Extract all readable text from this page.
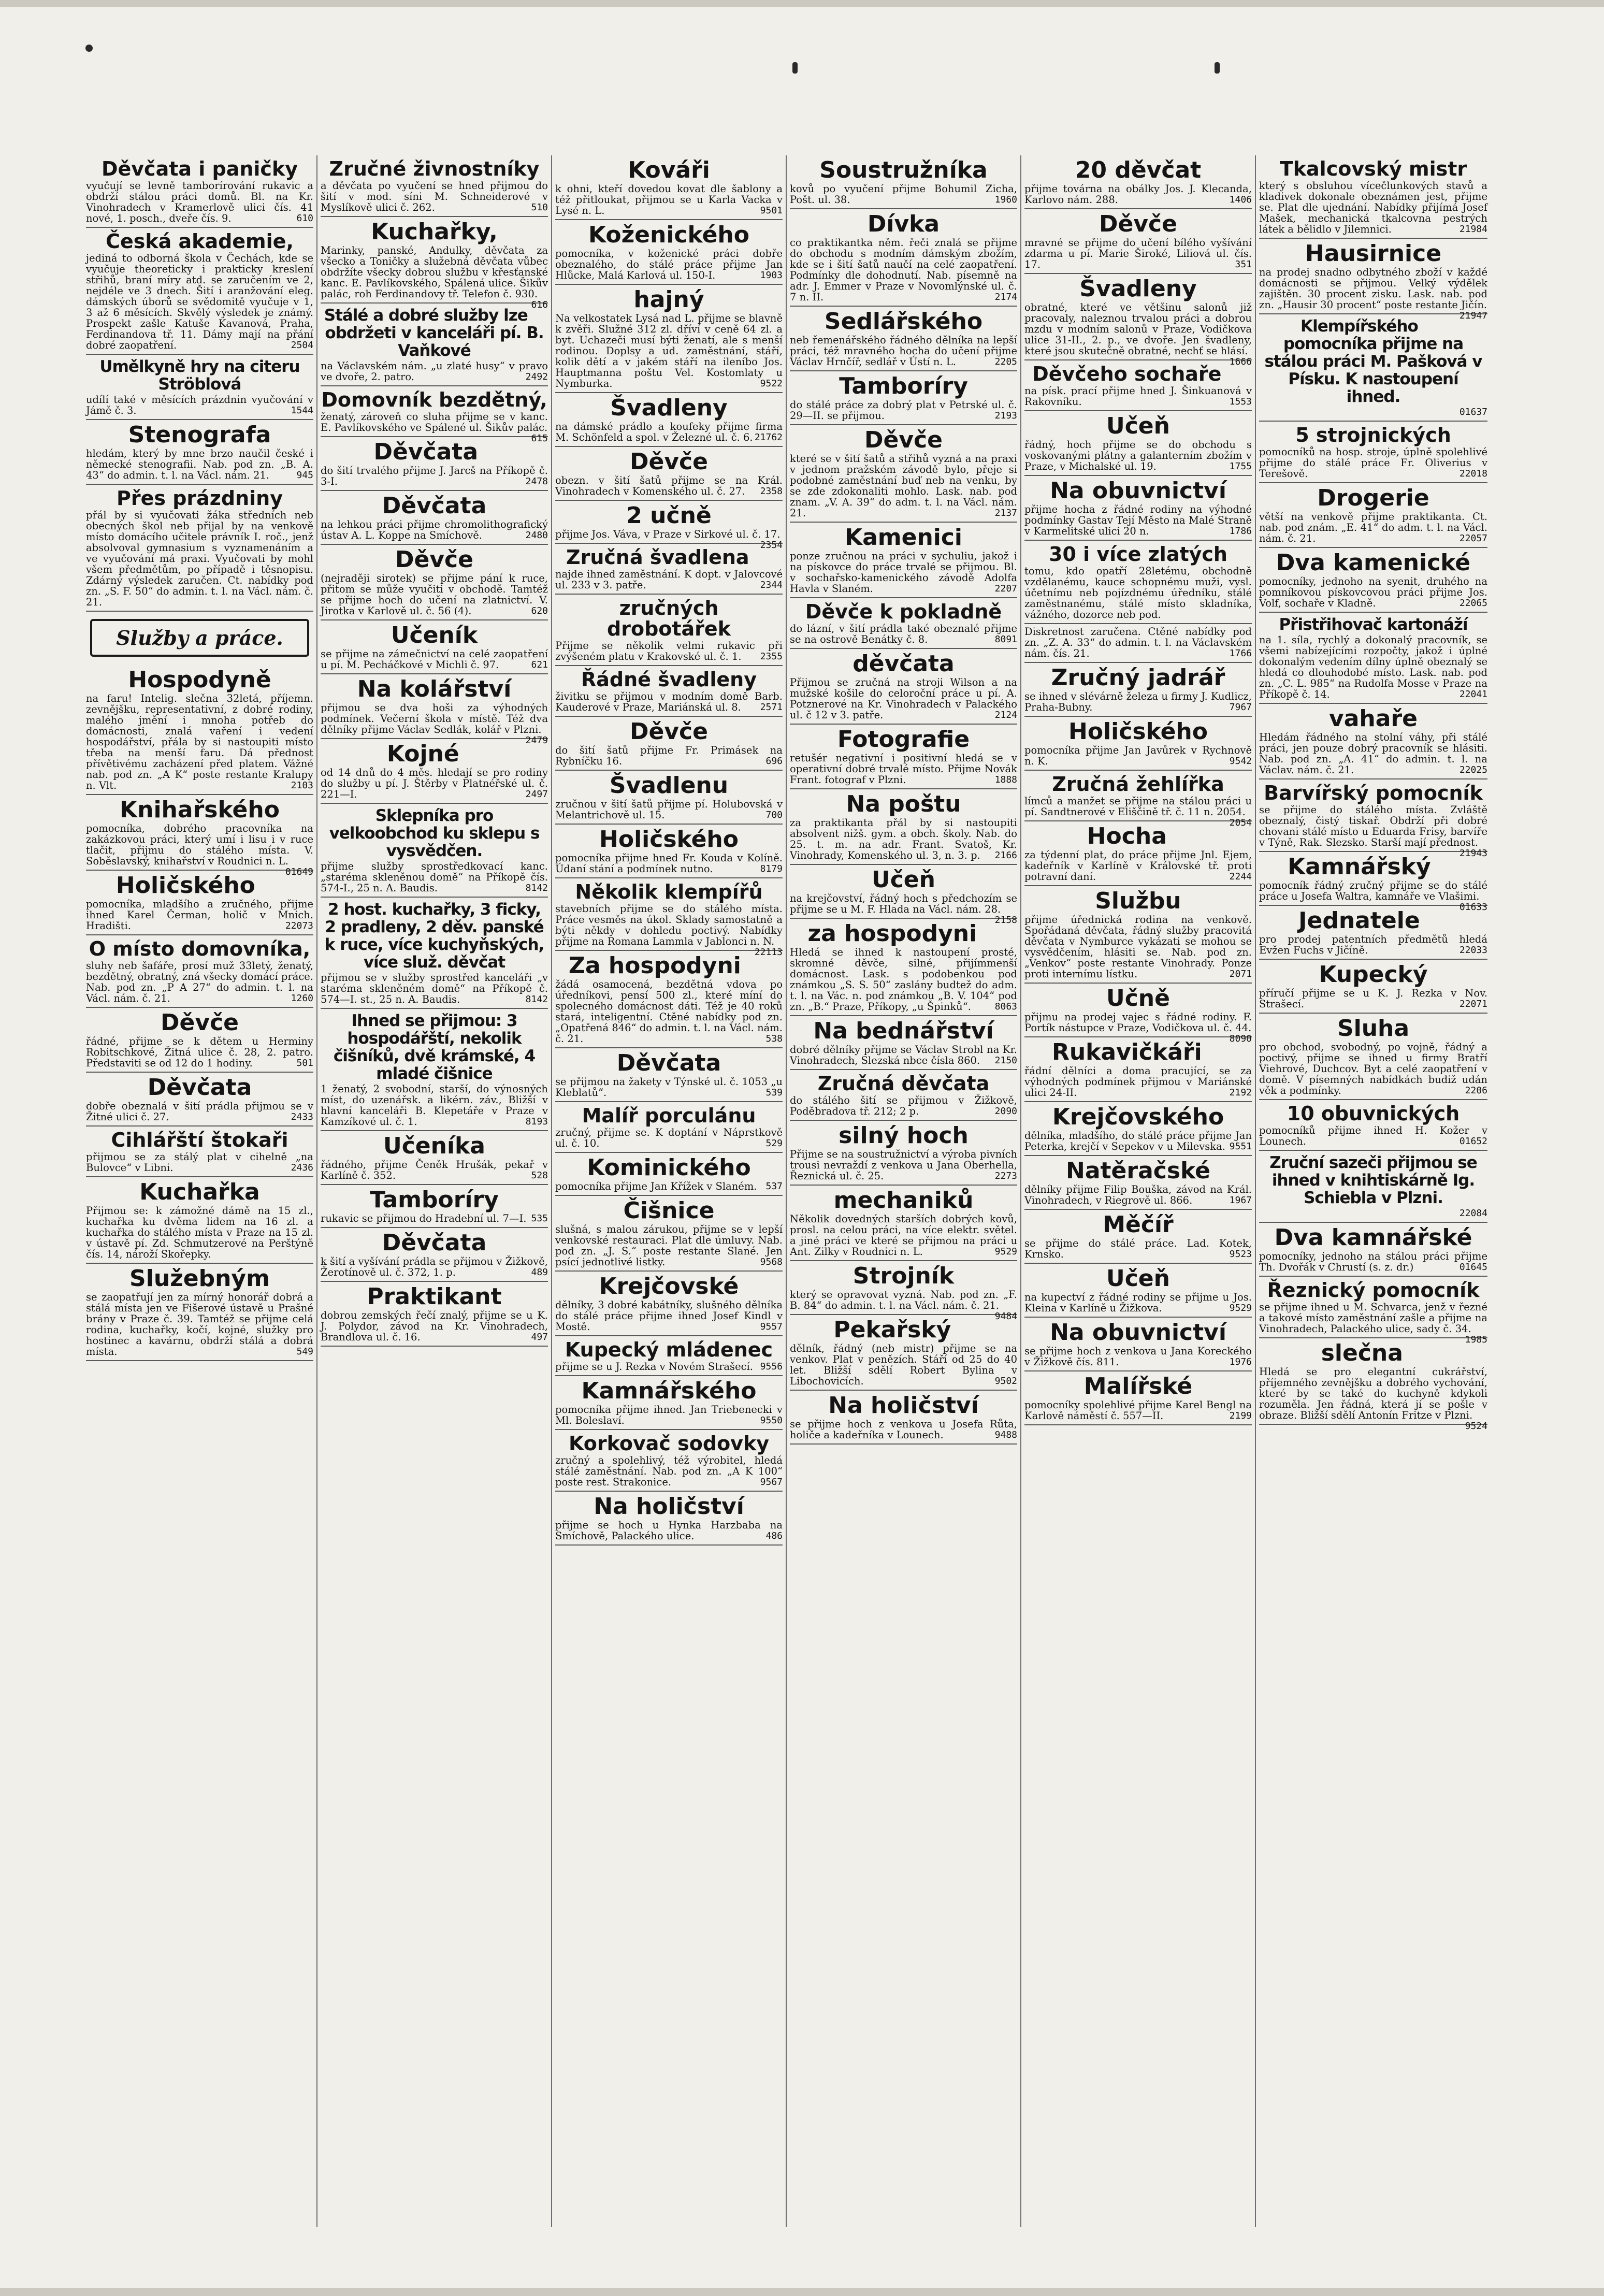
Děvčata i paničky
vyučují se levně tamborírování rukavic a obdrží stálou práci domů. Bl. na Kr. Vinohradech v Kramerlově ulici čís. 41 nové, 1. posch., dveře čís. 9.	610
Česká akademie,
jediná to odborná škola v Čechách, kde se vyučuje theoreticky i prakticky kreslení střihů, braní míry atd. se zaručením ve 2, nejdéle ve 3 dnech. Šití i aranžování eleg. dámských úborů se svědomitě vyučuje v 1, 3 až 6 měsících. Skvělý výsledek je známý. Prospekt zašle Katuše Kavanová, Praha, Ferdinandova tř. 11. Dámy mají na přání dobré zaopatření.	2504
Umělkyně hry na citeru Ströblová
udílí také v měsících prázdnin vyučování v Jámě č. 3.	1544
Stenografa
hledám, který by mne brzo naučil české i německé stenografii. Nab. pod zn. „B. A. 43“ do admin. t. l. na Václ. nám. 21.	945
Přes prázdniny
přál by si vyučovati žáka středních neb obecných škol neb přijal by na venkově místo domácího učitele právník I. roč., jenž absolvoval gymnasium s vyznamenáním a ve vyučování má praxi. Vyučovati by mohl všem předmětům, po případě i těsnopisu. Zdárný výsledek zaručen. Ct. nabídky pod zn. „S. F. 50“ do admin. t. l. na Václ. nám. č. 21.
Služby a práce.
Hospodyně
na faru! Intelig. slečna 32letá, příjemn. zevnějšku, representativní, z dobré rodiny, malého jmění i mnoha potřeb do domácnosti, znalá vaření i vedení hospodářství, přála by si nastoupiti místo třeba na menší faru. Dá přednost přívětivému zacházení před platem. Vážné nab. pod zn. „A K“ poste restante Kralupy n. Vlt.	2103
Knihařského
pomocníka, dobrého pracovníka na zakázkovou práci, který umí i lisu i v ruce tlačit, přijmu do stálého místa. V. Soběslavský, knihařství v Roudnici n. L.
01649
Holičského
pomocníka, mladšího a zručného, přijme ihned Karel Čerman, holič v Mnich. Hradišti.	22073
O místo domovníka,
sluhy neb šafáře, prosí muž 33letý, ženatý, bezdětný, obratný, zná všecky domácí práce. Nab. pod zn. „P A 27“ do admin. t. l. na Václ. nám. č. 21.	1260
Děvče
řádné, přijme se k dětem u Herminy Robitschkové, Žitná ulice č. 28, 2. patro. Představiti se od 12 do 1 hodiny.	501
Děvčata
dobře obeznalá v šití prádla přijmou se v Žitné ulici č. 27.	2433
Cihlářští štokaři
přijmou se za stálý plat v cihelně „na Bulovce“ v Libni.	2436
Kuchařka
Přijmou se: k zámožné dámě na 15 zl., kuchařka ku dvěma lidem na 16 zl. a kuchařka do stálého místa v Praze na 15 zl. v ústavě pí. Zd. Schmutzerové na Perštýně čís. 14, nároží Skořepky.
Služebným
se zaopatřují jen za mírný honorář dobrá a stálá místa jen ve Fišerové ústavě u Prašné brány v Praze č. 39. Tamtéž se přijme celá rodina, kuchařky, kočí, kojné, služky pro hostinec a kavárnu, obdrží stálá a dobrá místa.	549
Zručné živnostníky
a děvčata po vyučení se hned přijmou do šití v mod. síni M. Schneiderové v Myslíkově ulici č. 262.	510
Kuchařky,
Marinky, panské, Andulky, děvčata za všecko a Toničky a služebná děvčata vůbec obdržíte všecky dobrou službu v křesťanské kanc. E. Pavlíkovského, Spálená ulice. Šikův palác, roh Ferdinandovy tř. Telefon č. 930.
616
Stálé a dobré služby lze obdržeti v kanceláři pí. B. Vaňkové
na Václavském nám. „u zlaté husy“ v pravo ve dvoře, 2. patro.	2492
Domovník bezdětný,
ženatý, zároveň co sluha přijme se v kanc. E. Pavlíkovského ve Spálené ul. Šikův palác.
615
Děvčata
do šití trvalého přijme J. Jarcš na Příkopě č. 3-I.	2478
Děvčata
na lehkou práci přijme chromolithografický ústav A. L. Koppe na Smíchově.	2480
Děvče
(nejraději sirotek) se přijme pání k ruce, přitom se může vyučiti v obchodě. Tamtéž se přijme hoch do učení na zlatnictví. V. Jirotka v Karlově ul. č. 56 (4).	620
Učeník
se přijme na zámečnictví na celé zaopatření u pí. M. Pecháčkové v Michli č. 97.	621
Na kolářství
přijmou se dva hoši za výhodných podmínek. Večerní škola v místě. Též dva dělníky přijme Václav Sedlák, kolář v Plzni.
2479
Kojné
od 14 dnů do 4 měs. hledají se pro rodiny do služby u pí. J. Štěrby v Platnéřské ul. č. 221—I.	2497
Sklepníka pro velkoobchod ku sklepu s vysvědčen.
přijme služby sprostředkovací kanc. „staréma skleněnou domě“ na Příkopě čís. 574-I., 25 n. A. Baudis.	8142
2 host. kuchařky, 3 ficky, 2 pradleny, 2 děv. panské k ruce, více kuchyňských, více služ. děvčat
přijmou se v služby sprostřed kanceláři „v staréma skleněném domě“ na Příkopě č. 574—I. st., 25 n. A. Baudis.	8142
Ihned se přijmou: 3 hospodářští, nekolik čišníků, dvě krámské, 4 mladé čišnice
1 ženatý, 2 svobodní, starší, do výnosných míst, do uzenářsk. a likérn. záv., Bližší v hlavní kanceláři B. Klepetáře v Praze v Kamzíkové ul. č. 1.	8193
Učeníka
řádného, přijme Čeněk Hrušák, pekař v Karlíně č. 352.	528
Tamboríry
rukavic se přijmou do Hradební ul. 7—I. 535
Děvčata
k šití a vyšívání prádla se přijmou v Žižkově, Žerotínově ul. č. 372, 1. p.	489
Praktikant
dobrou zemských řečí znalý, přijme se u K. J. Polydor, závod na Kr. Vinohradech, Brandlova ul. č. 16.	497
Kováři
k ohni, kteří dovedou kovat dle šablony a též přitloukat, přijmou se u Karla Vacka v Lysé n. L.	9501
Koženického
pomocníka, v koženické práci dobře obeznalého, do stálé práce přijme Jan Hlůcke, Malá Karlová ul. 150-I.	1903
hajný
Na velkostatek Lysá nad L. přijme se blavně k zvěři. Služné 312 zl. dříví v ceně 64 zl. a byt. Uchazeči musí býti ženatí, ale s menší rodinou. Doplsy a ud. zaměstnání, stáří, kolik dětí a v jakém stáří na ileníbo Jos. Hauptmanna poštu Vel. Kostomlaty u Nymburka.	9522
Švadleny
na dámské prádlo a koufeky přijme firma M. Schönfeld a spol. v Železné ul. č. 6. 21762
Děvče
obezn. v šití šatů přijme se na Král. Vinohradech v Komenského ul. č. 27. 2358
2 učně
přijme Jos. Váva, v Praze v Sirkové ul. č. 17.
2354
Zručná švadlena
najde ihned zaměstnání. K dopt. v Jalovcové ul. 233 v 3. patře.	2344
zručných drobotářek
Přijme se několik velmi rukavic při zvýšeném platu v Krakovské ul. č. 1. 2355
Řádné švadleny
živitku se přijmou v modním domě Barb. Kauderové v Praze, Mariánská ul. 8. 2571
Děvče
do šití šatů přijme Fr. Primásek na Rybníčku 16.	696
Švadlenu
zručnou v šití šatů přijme pí. Holubovská v Melantrichově ul. 15.	700
Holičského
pomocníka přijme hned Fr. Kouda v Kolíně. Údaní stání a podmínek nutno.	8179
Několik klempířů
stavebních přijme se do stálého místa. Práce vesměs na úkol. Sklady samostatně a býti někdy v dohledu poctivý. Nabídky přijme na Romana Lammla v Jablonci n. N.
22113
Za hospodyni
žádá osamocená, bezdětná vdova po úředníkovi, pensí 500 zl., které míní do spolecného domácnost dáti. Též je 40 roků stará, inteligentní. Ctěné nabídky pod zn. „Opatřená 846“ do admin. t. l. na Václ. nám. č. 21.	538
Děvčata
se přijmou na žakety v Týnské ul. č. 1053 „u Kleblatů“.	539
Malíř porculánu
zručný, přijme se. K doptání v Náprstkově ul. č. 10.	529
Kominického
pomocníka přijme Jan Křížek v Slaném. 537
Čišnice
slušná, s malou zárukou, přijme se v lepší venkovské restauraci. Plat dle úmluvy. Nab. pod zn. „J. S.“ poste restante Slané. Jen psící jednotlivé listky.	9568
Krejčovské
dělníky, 3 dobré kabátníky, slušného dělníka do stálé práce přijme ihned Josef Kindl v Mostě.	9557
Kupecký mládenec
přijme se u J. Rezka v Novém Strašecí. 9556
Kamnářského
pomocníka přijme ihned. Jan Triebenecki v Ml. Boleslaví.	9550
Korkovač sodovky
zručný a spolehlivý, též výrobitel, hledá stálé zaměstnání. Nab. pod zn. „A K 100“ poste rest. Strakonice.	9567
Na holičství
přijme se hoch u Hynka Harzbaba na Smíchově, Palackého ulice.	486
Soustružníka
kovů po vyučení přijme Bohumil Zicha, Pošt. ul. 38.	1960
Dívka
co praktikantka něm. řeči znalá se přijme do obchodu s modním dámským zbožím, kde se i šití šatů naučí na celé zaopatření. Podmínky dle dohodnutí. Nab. písemně na adr. J. Emmer v Praze v Novomlýnské ul. č. 7 n. II.	2174
Sedlářského
neb řemenářského řádného dělníka na lepší práci, též mravného hocha do učení přijme Václav Hrnčíř, sedlář v Ústí n. L.	2205
Tamboríry
do stálé práce za dobrý plat v Petrské ul. č. 29—II. se přijmou.	2193
Děvče
které se v šití šatů a střihů vyzná a na praxi v jednom pražském závodě bylo, přeje si podobné zaměstnání buď neb na venku, by se zde zdokonaliti mohlo. Lask. nab. pod znam. „V. A. 39“ do adm. t. l. na Václ. nám. 21.	2137
Kamenici
ponze zručnou na práci v sychuliu, jakož i na pískovce do práce trvalé se přijmou. Bl. v sochařsko-kamenického závodě Adolfa Havla v Slaném.	2207
Děvče k pokladně
do lázní, v šití prádla také obeznalé přijme se na ostrově Benátky č. 8.	8091
děvčata
Přijmou se zručná na stroji Wilson a na mužské košile do celoroční práce u pí. A. Potznerové na Kr. Vinohradech v Palackého ul. č 12 v 3. patře.	2124
Fotografie
retušér negativní i positivní hledá se v operativní dobré trvalé místo. Přijme Novák Frant. fotograf v Plzni.	1888
Na poštu
za praktikanta přál by si nastoupiti absolvent nižš. gym. a obch. školy. Nab. do 25. t. m. na adr. Frant. Svatoš, Kr. Vinohrady, Komenského ul. 3, n. 3. p. 2166
Učeň
na krejčovství, řádný hoch s předchozím se přijme se u M. F. Hlada na Václ. nám. 28.
2158
za hospodyni
Hledá se ihned k nastoupení prosté, skromné děvče, silné, přijímmenší domácnost. Lask. s podobenkou pod známkou „S. S. 50“ zaslány budtež do adm. t. l. na Vác. n. pod známkou „B. V. 104“ pod zn. „B.“ Praze, Příkopy, „u Špinků“.	8063
Na bednářství
dobré dělníky přijme se Václav Strobl na Kr. Vinohradech, Slezská nbce čísla 860. 2150
Zručná děvčata
do stálého šití se přijmou v Žižkově, Poděbradova tř. 212; 2 p.	2090
silný hoch
Přijme se na soustružnictví a výroba pivních trousi nevraždí z venkova u Jana Oberhella, Řeznická ul. č. 25.	2273
mechaniků
Několik dovedných starších dobrých kovů, prosl. na celou práci, na více elektr. světel. a jiné práci ve které se přijmou na práci u Ant. Zilky v Roudnici n. L.	9529
Strojník
který se opravovat vyzná. Nab. pod zn. „F. B. 84“ do admin. t. l. na Václ. nám. č. 21.
9484
Pekařský
dělník, řádný (neb mistr) přijme se na venkov. Plat v penězích. Stáří od 25 do 40 let. Bližší sdělí Robert Bylina v Libochovicích.	9502
Na holičství
se přijme hoch z venkova u Josefa Růta, holiče a kadeřníka v Lounech.	9488
20 děvčat
přijme továrna na obálky Jos. J. Klecanda, Karlovo nám. 288.	1406
Děvče
mravné se přijme do učení bílého vyšívání zdarma u pí. Marie Široké, Liliová ul. čís. 17.	351
Švadleny
obratné, které ve většinu salonů již pracovaly, naleznou trvalou práci a dobrou mzdu v modním salonů v Praze, Vodičkova ulice 31-II., 2. p., ve dvoře. Jen švadleny, které jsou skutečně obratné, nechť se hlásí.
1666
Děvčeho sochaře
na písk. prací přijme hned J. Šinkuanová v Rakovníku.	1553
Učeň
řádný, hoch přijme se do obchodu s voskovanými plátny a galanterním zbožím v Praze, v Michalské ul. 19.	1755
Na obuvnictví
přijme hocha z řádné rodiny na výhodné podmínky Gastav Tejí Město na Malé Straně v Karmelitské ulici 20 n.	1786
30 i více zlatých
tomu, kdo opatří 28letému, obchodně vzdělanému, kauce schopnému muži, vysl. účetnímu neb pojízdnému úředníku, stálé zaměstnanému, stálé místo skladníka, vážného, dozorce neb pod.
Diskretnost zaručena. Ctěné nabídky pod zn. „Z. A. 33“ do admin. t. l. na Václavském nám. čís. 21.	1766
Zručný jadrář
se ihned v slévárně železa u firmy J. Kudlicz, Praha-Bubny.	7967
Holičského
pomocníka přijme Jan Javůrek v Rychnově n. K.	9542
Zručná žehlířka
límců a manžet se přijme na stálou práci u pí. Sandtnerové v Eliščině tř. č. 11 n. 2054.
2054
Hocha
za týdenní plat, do práce přijme Jnl. Ejem, kadeřník v Karlíně v Královské tř. proti potravní daní.	2244
Službu
přijme úřednická rodina na venkově. Spořádaná děvčata, řádný služby pracovitá děvčata v Nymburce vykázati se mohou se vysvědčením, hlásiti se. Nab. pod zn. „Venkov“ poste restante Vinohrady. Ponze proti internímu lístku.	2071
Učně
přijmu na prodej vajec s řádné rodiny. F. Portík nástupce v Praze, Vodičkova ul. č. 44.
8090
Rukavičkáři
řádní dělníci a doma pracující, se za výhodných podmínek přijmou v Mariánské ulici 24-II.	2192
Krejčovského
dělníka, mladšího, do stálé práce přijme Jan Peterka, krejčí v Sepekov v u Milevska. 9551
Natěračské
dělníky přijme Filip Bouška, závod na Král. Vinohradech, v Riegrově ul. 866.	1967
Měčíř
se přijme do stálé práce. Lad. Kotek, Krnsko.	9523
Učeň
na kupectví z řádné rodiny se přijme u Jos. Kleina v Karlíně u Žižkova.	9529
Na obuvnictví
se přijme hoch z venkova u Jana Koreckého v Žižkově čís. 811.	1976
Malířské
pomocníky spolehlivé přijme Karel Bengl na Karlově náměstí č. 557—II.	2199
Tkalcovský mistr
který s obsluhou vícečlunkových stavů a kladivek dokonale obeznámen jest, přijme se. Plat dle ujednání. Nabídky přijímá Josef Mašek, mechanická tkalcovna pestrých látek a bělidlo v Jilemnici.	21984
Hausirnice
na prodej snadno odbytného zboží v každé domácnosti se přijmou. Velký výdělek zajištěn. 30 procent zisku. Lask. nab. pod zn. „Hausir 30 procent“ poste restante Jičín.
21947
Klempířského pomocníka přijme na stálou práci M. Pašková v Písku. K nastoupení ihned.
01637
5 strojnických
pomocníků na hosp. stroje, úplně spolehlivé přijme do stálé práce Fr. Oliverius v Terešově.	22018
Drogerie
větší na venkově přijme praktikanta. Ct. nab. pod znám. „E. 41“ do adm. t. l. na Václ. nám. č. 21.	22057
Dva kamenické
pomocníky, jednoho na syenit, druhého na pomníkovou pískovcovou práci přijme Jos. Volf, sochaře v Kladně.	22065
Přistřihovač kartonáží
na 1. síla, rychlý a dokonalý pracovník, se všemi nabízejícími rozpočty, jakož i úplné dokonalým vedením dílny úplně obeznalý se hledá co dlouhodobé místo. Lask. nab. pod zn. „C. L. 985“ na Rudolfa Mosse v Praze na Příkopě č. 14.	22041
vahaře
Hledám řádného na stolní váhy, při stálé práci, jen pouze dobrý pracovník se hlásiti. Nab. pod zn. „A. 41“ do admin. t. l. na Václav. nám. č. 21.	22025
Barvířský pomocník
se přijme do stálého místa. Zvláště obeznalý, čistý tiskař. Obdrží při dobré chovani stálé místo u Eduarda Frisy, barvíře v Týně, Rak. Slezsko. Starší mají přednost.
21943
Kamnářský
pomocník řádný zručný přijme se do stálé práce u Josefa Waltra, kamnáře ve Vlašimi.
01633
Jednatele
pro prodej patentních předmětů hledá Evžen Fuchs v Jičíně.	22033
Kupecký
příručí přijme se u K. J. Rezka v Nov. Strašecí.	22071
Sluha
pro obchod, svobodný, po vojně, řádný a poctivý, přijme se ihned u firmy Bratří Viehrové, Duchcov. Byt a celé zaopatření v domě. V písemných nabídkách budiž udán věk a podmínky.	2206
10 obuvnických
pomocníků přijme ihned H. Kožer v Lounech.	01652
Zruční sazeči přijmou se ihned v knihtiskárně Ig. Schiebla v Plzni.
22084
Dva kamnářské
pomocníky, jednoho na stálou práci přijme Th. Dvořák v Chrustí (s. z. dr.)	01645
Řeznický pomocník
se přijme ihned u M. Schvarca, jenž v řezné a takové místo zaměstnání zašle a přijme na Vinohradech, Palackého ulice, sady č. 34.
1985
slečna
Hledá se pro elegantní cukrářství, příjemného zevnějšku a dobrého vychování, které by se také do kuchyně kdykoli rozuměla. Jen řádná, která jí se pošle v obraze. Bližší sdělí Antonín Fritze v Plzni.
9524
